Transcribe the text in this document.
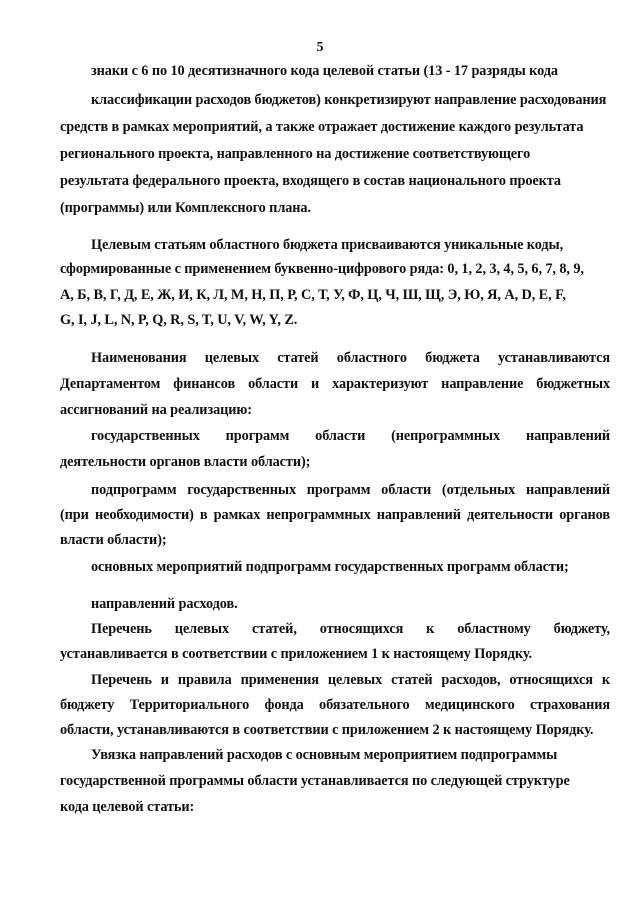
5

знаки с 6 по 10 десятизначного кода целевой статьи (13 - 17 разряды кода

классификации расходов бюджетов) конкретизируют направление расходования

средств в рамках мероприятий, а также отражает достижение каждого результата

регионального проекта, направленного на достижение соответствующего

результата федерального проекта, входящего в состав национального проекта

(программы) или Комплексного плана.

Целевым статьям областного бюджета присваиваются уникальные коды,

сформированные с применением буквенно-цифрового ряда: 0, 1, 2, 3, 4, 5, 6, 7, 8, 9,

А, Б, В, Г, Д, Е, Ж, И, К, Л, М, Н, П, Р, С, Т, У, Ф, Ц, Ч, Ш, Щ, Э, Ю, Я, A, D, E, F,

G, I, J, L, N, P, Q, R, S, T, U, V, W, Y, Z.

Наименования целевых статей областного бюджета устанавливаются

Департаментом финансов области и характеризуют направление бюджетных

ассигнований на реализацию:

государственных программ области (непрограммных направлений

деятельности органов власти области);

подпрограмм государственных программ области (отдельных направлений

(при необходимости) в рамках непрограммных направлений деятельности органов

власти области);

основных мероприятий подпрограмм государственных программ области;

направлений расходов.

Перечень целевых статей, относящихся к областному бюджету,

устанавливается в соответствии с приложением 1 к настоящему Порядку.

Перечень и правила применения целевых статей расходов, относящихся к

бюджету Территориального фонда обязательного медицинского страхования

области, устанавливаются в соответствии с приложением 2 к настоящему Порядку.

Увязка направлений расходов с основным мероприятием подпрограммы

государственной программы области устанавливается по следующей структуре

кода целевой статьи:
